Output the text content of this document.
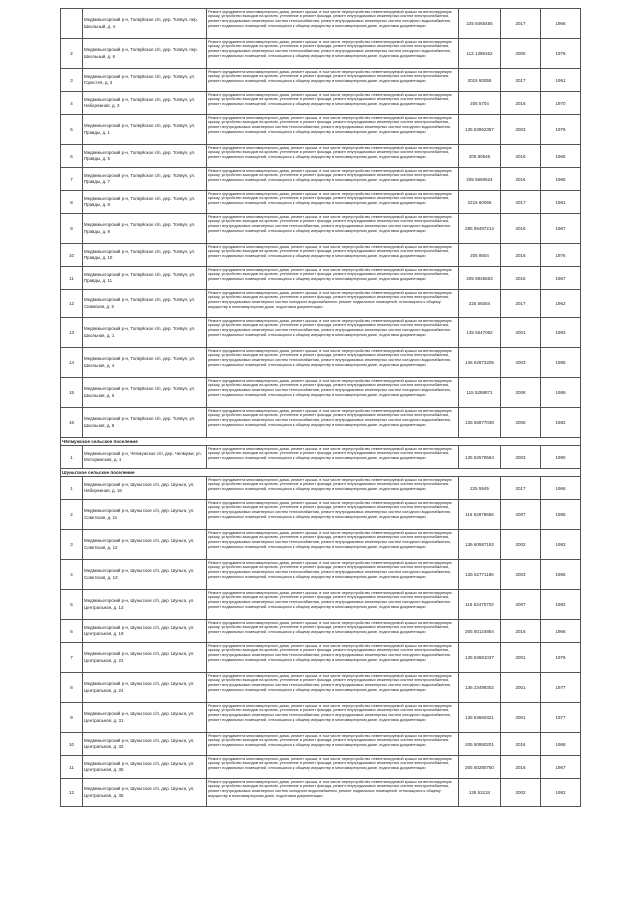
	Медвежьегорский р-н, Толвуйское с/п, дер. Толвуя, пер. Школьный, д. 4	Ремонт фундамента многоквартирного дома, ремонт крыши, в том числе переустройство невентилируемой крыши на вентилируемую крышу, устройство выходов на кровлю, утепление и ремонт фасада, ремонт внутридомовых инженерных систем электроснабжения, ремонт внутридомовых инженерных систем теплоснабжения, ремонт внутридомовых инженерных систем холодного водоснабжения, ремонт подвальных помещений, относящихся к общему имуществу в многоквартирном доме, подготовка документации	225 8465455	2017	1966
2	Медвежьегорский р-н, Толвуйское с/п, дер. Толвуя, пер. Школьный, д. 6	Ремонт фундамента многоквартирного дома, ремонт крыши, в том числе переустройство невентилируемой крыши на вентилируемую крышу, устройство выходов на кровлю, утепление и ремонт фасада, ремонт внутридомовых инженерных систем электроснабжения, ремонт внутридомовых инженерных систем теплоснабжения, ремонт внутридомовых инженерных систем холодного водоснабжения, ремонт подвальных помещений, относящихся к общему имуществу в многоквартирном доме, подготовка документации	113 1388152	2005	1976
3	Медвежьегорский р-н, Толвуйское с/п, дер. Толвуя, ул. Горестея, д. 3	Ремонт фундамента многоквартирного дома, ремонт крыши, в том числе переустройство невентилируемой крыши на вентилируемую крышу, устройство выходов на кровлю, утепление и ремонт фасада, ремонт внутридомовых инженерных систем электроснабжения, ремонт подвальных помещений, относящихся к общему имуществу в многоквартирном доме, подготовка документации	2015 60055	2017	1961
4	Медвежьегорский р-н, Толвуйское с/п, дер. Толвуя, ул. Набережная, д. 3	Ремонт фундамента многоквартирного дома, ремонт крыши, в том числе переустройство невентилируемой крыши на вентилируемую крышу, устройство выходов на кровлю, утепление и ремонт фасада, ремонт внутридомовых инженерных систем электроснабжения, ремонт подвальных помещений, относящихся к общему имуществу в многоквартирном доме, подготовка документации	205 5704	2016	1970
5	Медвежьегорский р-н, Толвуйское с/п, дер. Толвуя, ул. Правды, д. 1	Ремонт фундамента многоквартирного дома, ремонт крыши, в том числе переустройство невентилируемой крыши на вентилируемую крышу, устройство выходов на кровлю, утепление и ремонт фасада, ремонт внутридомовых инженерных систем электроснабжения, ремонт внутридомовых инженерных систем теплоснабжения, ремонт внутридомовых инженерных систем холодного водоснабжения, ремонт подвальных помещений, относящихся к общему имуществу в многоквартирном доме, подготовка документации	135 53962397	2003	1976
6	Медвежьегорский р-н, Толвуйское с/п, дер. Толвуя, ул. Правды, д. 5	Ремонт фундамента многоквартирного дома, ремонт крыши, в том числе переустройство невентилируемой крыши на вентилируемую крышу, устройство выходов на кровлю, утепление и ремонт фасада, ремонт внутридомовых инженерных систем электроснабжения, ремонт подвальных помещений, относящихся к общему имуществу в многоквартирном доме, подготовка документации	205 80546	2016	1965
7	Медвежьегорский р-н, Толвуйское с/п, дер. Толвуя, ул. Правды, д. 7	Ремонт фундамента многоквартирного дома, ремонт крыши, в том числе переустройство невентилируемой крыши на вентилируемую крышу, устройство выходов на кровлю, утепление и ремонт фасада, ремонт внутридомовых инженерных систем электроснабжения, ремонт подвальных помещений, относящихся к общему имуществу в многоквартирном доме, подготовка документации	205 5660524	2016	1965
8	Медвежьегорский р-н, Толвуйское с/п, дер. Толвуя, ул. Правды, д. 8	Ремонт фундамента многоквартирного дома, ремонт крыши, в том числе переустройство невентилируемой крыши на вентилируемую крышу, устройство выходов на кровлю, утепление и ремонт фасада, ремонт внутридомовых инженерных систем электроснабжения, ремонт подвальных помещений, относящихся к общему имуществу в многоквартирном доме, подготовка документации	2215 60055	2017	1961
9	Медвежьегорский р-н, Толвуйское с/п, дер. Толвуя, ул. Правды, д. 9	Ремонт фундамента многоквартирного дома, ремонт крыши, в том числе переустройство невентилируемой крыши на вентилируемую крышу, устройство выходов на кровлю, утепление и ремонт фасада, ремонт внутридомовых инженерных систем электроснабжения, ремонт внутридомовых инженерных систем теплоснабжения, ремонт внутридомовых инженерных систем холодного водоснабжения, ремонт подвальных помещений, относящихся к общему имуществу в многоквартирном доме, подготовка документации	285 59497214	2016	1967
10	Медвежьегорский р-н, Толвуйское с/п, дер. Толвуя, ул. Правды, д. 10	Ремонт фундамента многоквартирного дома, ремонт крыши, в том числе переустройство невентилируемой крыши на вентилируемую крышу, устройство выходов на кровлю, утепление и ремонт фасада, ремонт внутридомовых инженерных систем электроснабжения, ремонт подвальных помещений, относящихся к общему имуществу в многоквартирном доме, подготовка документации	205 8604	2016	1976
11	Медвежьегорский р-н, Толвуйское с/п, дер. Толвуя, ул. Правды, д. 11	Ремонт фундамента многоквартирного дома, ремонт крыши, в том числе переустройство невентилируемой крыши на вентилируемую крышу, устройство выходов на кровлю, утепление и ремонт фасада, ремонт внутридомовых инженерных систем электроснабжения, ремонт подвальных помещений, относящихся к общему имуществу в многоквартирном доме, подготовка документации	205 5946663	2016	1967
12	Медвежьегорский р-н, Толвуйское с/п, дер. Толвуя, ул. Сиамская, д. 5	Ремонт фундамента многоквартирного дома, ремонт крыши, в том числе переустройство невентилируемой крыши на вентилируемую крышу, устройство выходов на кровлю, утепление и ремонт фасада, ремонт внутридомовых инженерных систем электроснабжения, ремонт внутридомовых инженерных систем холодного водоснабжения, ремонт подвальных помещений, относящихся к общему имуществу в многоквартирном доме, подготовка документации	225 59254	2017	1962
13	Медвежьегорский р-н, Толвуйское с/п, дер. Толвуя, ул. Школьная, д. 1	Ремонт фундамента многоквартирного дома, ремонт крыши, в том числе переустройство невентилируемой крыши на вентилируемую крышу, устройство выходов на кровлю, утепление и ремонт фасада, ремонт внутридомовых инженерных систем электроснабжения, ремонт внутридомовых инженерных систем теплоснабжения, ремонт внутридомовых инженерных систем холодного водоснабжения, ремонт подвальных помещений, относящихся к общему имуществу в многоквартирном доме, подготовка документации	135 5547062	2001	1993
14	Медвежьегорский р-н, Толвуйское с/п, дер. Толвуя, ул. Школьная, д. 4	Ремонт фундамента многоквартирного дома, ремонт крыши, в том числе переустройство невентилируемой крыши на вентилируемую крышу, устройство выходов на кровлю, утепление и ремонт фасада, ремонт внутридомовых инженерных систем электроснабжения, ремонт внутридомовых инженерных систем теплоснабжения, ремонт внутридомовых инженерных систем холодного водоснабжения, ремонт подвальных помещений, относящихся к общему имуществу в многоквартирном доме, подготовка документации	136 62873205	2003	1985
15	Медвежьегорский р-н, Толвуйское с/п, дер. Толвуя, ул. Школьная, д. 6	Ремонт фундамента многоквартирного дома, ремонт крыши, в том числе переустройство невентилируемой крыши на вентилируемую крышу, устройство выходов на кровлю, утепление и ремонт фасада, ремонт внутридомовых инженерных систем электроснабжения, ремонт внутридомовых инженерных систем теплоснабжения, ремонт внутридомовых инженерных систем холодного водоснабжения, ремонт подвальных помещений, относящихся к общему имуществу в многоквартирном доме, подготовка документации	115 5288871	2008	1986
16	Медвежьегорский р-н, Толвуйское с/п, дер. Толвуя, ул. Школьная, д. 8	Ремонт фундамента многоквартирного дома, ремонт крыши, в том числе переустройство невентилируемой крыши на вентилируемую крышу, устройство выходов на кровлю, утепление и ремонт фасада, ремонт внутридомовых инженерных систем электроснабжения, ремонт внутридомовых инженерных систем теплоснабжения, ремонт внутридомовых инженерных систем холодного водоснабжения, ремонт подвальных помещений, относящихся к общему имуществу в многоквартирном доме, подготовка документации	135 55877038	2005	1982
Чёлмужское сельское поселение					
1	Медвежьегорский р-н, Чёлмужское с/п, дер. Челмужи, ул. Моторимская, д. 1	Ремонт фундамента многоквартирного дома, ремонт крыши, в том числе переустройство невентилируемой крыши на вентилируемую крышу, устройство выходов на кровлю, утепление и ремонт фасада, ремонт внутридомовых инженерных систем электроснабжения, ремонт подвальных помещений, относящихся к общему имуществу в многоквартирном доме, подготовка документации	135 52578564	2003	1990
Шуньгское сельское поселение					
1	Медвежьегорский р-н, Шуньгское с/п, дер. Шуньга, ул. Набережная, д. 16	Ремонт фундамента многоквартирного дома, ремонт крыши, в том числе переустройство невентилируемой крыши на вентилируемую крышу, устройство выходов на кровлю, утепление и ремонт фасада, ремонт внутридомовых инженерных систем электроснабжения, ремонт подвальных помещений, относящихся к общему имуществу в многоквартирном доме, подготовка документации	225 5945	2017	1966
2	Медвежьегорский р-н, Шуньгское с/п, дер. Шуньга, ул. Советская, д. 11	Ремонт фундамента многоквартирного дома, ремонт крыши, в том числе переустройство невентилируемой крыши на вентилируемую крышу, устройство выходов на кровлю, утепление и ремонт фасада, ремонт внутридомовых инженерных систем электроснабжения, ремонт внутридомовых инженерных систем теплоснабжения, ремонт внутридомовых инженерных систем холодного водоснабжения, ремонт подвальных помещений, относящихся к общему имуществу в многоквартирном доме, подготовка документации	116 52878656	2007	1985
3	Медвежьегорский р-н, Шуньгское с/п, дер. Шуньга, ул. Советская, д. 12	Ремонт фундамента многоквартирного дома, ремонт крыши, в том числе переустройство невентилируемой крыши на вентилируемую крышу, устройство выходов на кровлю, утепление и ремонт фасада, ремонт внутридомовых инженерных систем электроснабжения, ремонт внутридомовых инженерных систем теплоснабжения, ремонт внутридомовых инженерных систем холодного водоснабжения, ремонт подвальных помещений, относящихся к общему имуществу в многоквартирном доме, подготовка документации	136 60587182	2002	1983
4	Медвежьегорский р-н, Шуньгское с/п, дер. Шуньга, ул. Советская, д. 13	Ремонт фундамента многоквартирного дома, ремонт крыши, в том числе переустройство невентилируемой крыши на вентилируемую крышу, устройство выходов на кровлю, утепление и ремонт фасада, ремонт внутридомовых инженерных систем электроснабжения, ремонт внутридомовых инженерных систем теплоснабжения, ремонт внутридомовых инженерных систем холодного водоснабжения, ремонт подвальных помещений, относящихся к общему имуществу в многоквартирном доме, подготовка документации	135 52771186	2003	1985
5	Медвежьегорский р-н, Шуньгское с/п, дер. Шуньга, ул. Центральная, д. 13	Ремонт фундамента многоквартирного дома, ремонт крыши, в том числе переустройство невентилируемой крыши на вентилируемую крышу, устройство выходов на кровлю, утепление и ремонт фасада, ремонт внутридомовых инженерных систем электроснабжения, ремонт внутридомовых инженерных систем теплоснабжения, ремонт внутридомовых инженерных систем холодного водоснабжения, ремонт подвальных помещений, относящихся к общему имуществу в многоквартирном доме, подготовка документации	115 52470702	2007	1982
6	Медвежьегорский р-н, Шуньгское с/п, дер. Шуньга, ул. Центральная, д. 19	Ремонт фундамента многоквартирного дома, ремонт крыши, в том числе переустройство невентилируемой крыши на вентилируемую крышу, устройство выходов на кровлю, утепление и ремонт фасада, ремонт внутридомовых инженерных систем электроснабжения, ремонт подвальных помещений, относящихся к общему имуществу в многоквартирном доме, подготовка документации	205 50124854	2016	1966
7	Медвежьегорский р-н, Шуньгское с/п, дер. Шуньга, ул. Центральная, д. 22	Ремонт фундамента многоквартирного дома, ремонт крыши, в том числе переустройство невентилируемой крыши на вентилируемую крышу, устройство выходов на кровлю, утепление и ремонт фасада, ремонт внутридомовых инженерных систем электроснабжения, ремонт внутридомовых инженерных систем теплоснабжения, ремонт внутридомовых инженерных систем холодного водоснабжения, ремонт подвальных помещений, относящихся к общему имуществу в многоквартирном доме, подготовка документации	135 53681037	2001	1976
8	Медвежьегорский р-н, Шуньгское с/п, дер. Шуньга, ул. Центральная, д. 24	Ремонт фундамента многоквартирного дома, ремонт крыши, в том числе переустройство невентилируемой крыши на вентилируемую крышу, устройство выходов на кровлю, утепление и ремонт фасада, ремонт внутридомовых инженерных систем электроснабжения, ремонт внутридомовых инженерных систем теплоснабжения, ремонт внутридомовых инженерных систем холодного водоснабжения, ремонт подвальных помещений, относящихся к общему имуществу в многоквартирном доме, подготовка документации	136 23499302	2001	1977
9	Медвежьегорский р-н, Шуньгское с/п, дер. Шуньга, ул. Центральная, д. 31	Ремонт фундамента многоквартирного дома, ремонт крыши, в том числе переустройство невентилируемой крыши на вентилируемую крышу, устройство выходов на кровлю, утепление и ремонт фасада, ремонт внутридомовых инженерных систем электроснабжения, ремонт внутридомовых инженерных систем теплоснабжения, ремонт внутридомовых инженерных систем холодного водоснабжения, ремонт подвальных помещений, относящихся к общему имуществу в многоквартирном доме, подготовка документации	135 53660321	2001	1977
10	Медвежьегорский р-н, Шуньгское с/п, дер. Шуньга, ул. Центральная, д. 32	Ремонт фундамента многоквартирного дома, ремонт крыши, в том числе переустройство невентилируемой крыши на вентилируемую крышу, устройство выходов на кровлю, утепление и ремонт фасада, ремонт внутридомовых инженерных систем электроснабжения, ремонт подвальных помещений, относящихся к общему имуществу в многоквартирном доме, подготовка документации	205 50890201	2016	1968
11	Медвежьегорский р-н, Шуньгское с/п, дер. Шуньга, ул. Центральная, д. 35	Ремонт фундамента многоквартирного дома, ремонт крыши, в том числе переустройство невентилируемой крыши на вентилируемую крышу, устройство выходов на кровлю, утепление и ремонт фасада, ремонт внутридомовых инженерных систем электроснабжения, ремонт подвальных помещений, относящихся к общему имуществу в многоквартирном доме, подготовка документации	205 50280750	2016	1967
12	Медвежьегорский р-н, Шуньгское с/п, дер. Шуньга, ул. Центральная, д. 36	Ремонт фундамента многоквартирного дома, ремонт крыши, в том числе переустройство невентилируемой крыши на вентилируемую крышу, устройство выходов на кровлю, утепление и ремонт фасада, ремонт внутридомовых инженерных систем электроснабжения, ремонт внутридомовых инженерных систем холодного водоснабжения, ремонт подвальных помещений, относящихся к общему имуществу в многоквартирном доме, подготовка документации	135 53134	2002	1982
